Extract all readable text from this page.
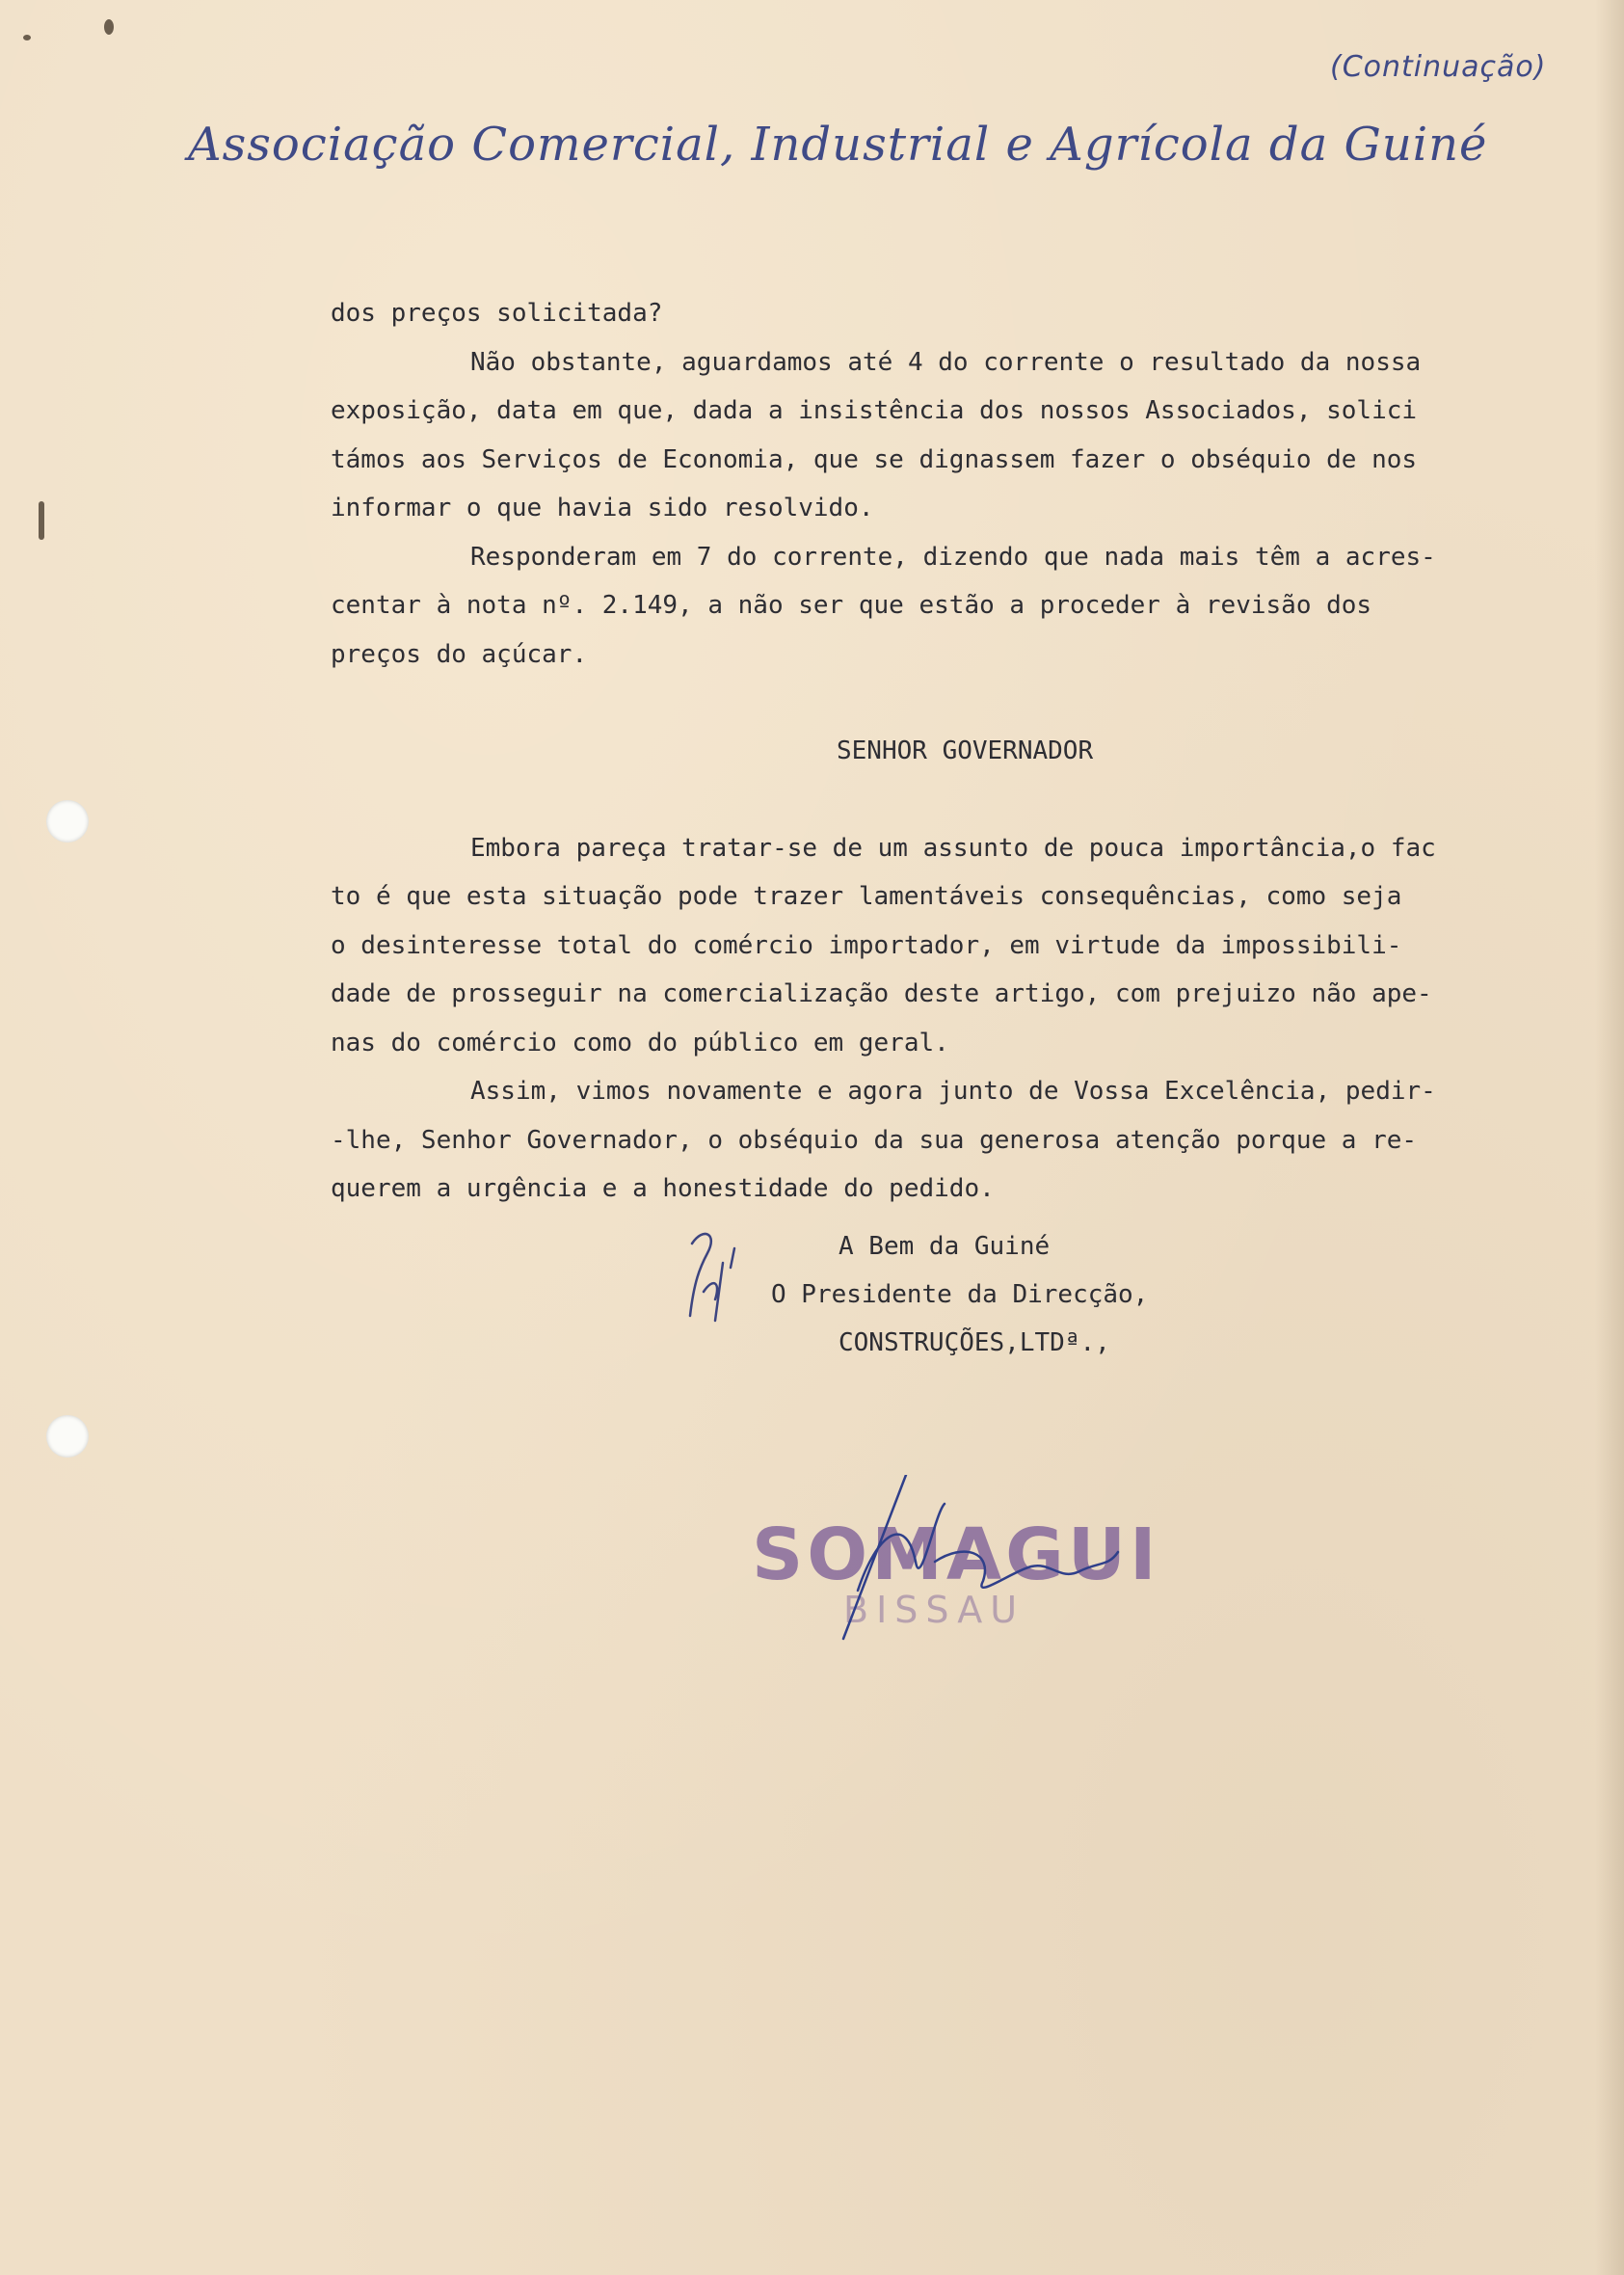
(Continuação)
Associação Comercial, Industrial e Agrícola da Guiné
dos preços solicitada?
Não obstante, aguardamos até 4 do corrente o resultado da nossa
exposição, data em que, dada a insistência dos nossos Associados, solici
támos aos Serviços de Economia, que se dignassem fazer o obséquio de nos
informar o que havia sido resolvido.
Responderam em 7 do corrente, dizendo que nada mais têm a acres-
centar à nota nº. 2.149, a não ser que estão a proceder à revisão dos
preços do açúcar.
SENHOR GOVERNADOR
Embora pareça tratar-se de um assunto de pouca importância,o fac
to é que esta situação pode trazer lamentáveis consequências, como seja
o desinteresse total do comércio importador, em virtude da impossibili-
dade de prosseguir na comercialização deste artigo, com prejuizo não ape-
nas do comércio como do público em geral.
Assim, vimos novamente e agora junto de Vossa Excelência, pedir-
-lhe, Senhor Governador, o obséquio da sua generosa atenção porque a re-
querem a urgência e a honestidade do pedido.
A Bem da Guiné
O Presidente da Direcção,
CONSTRUÇÕES,LTDª.,
SOMAGUI
BISSAU
